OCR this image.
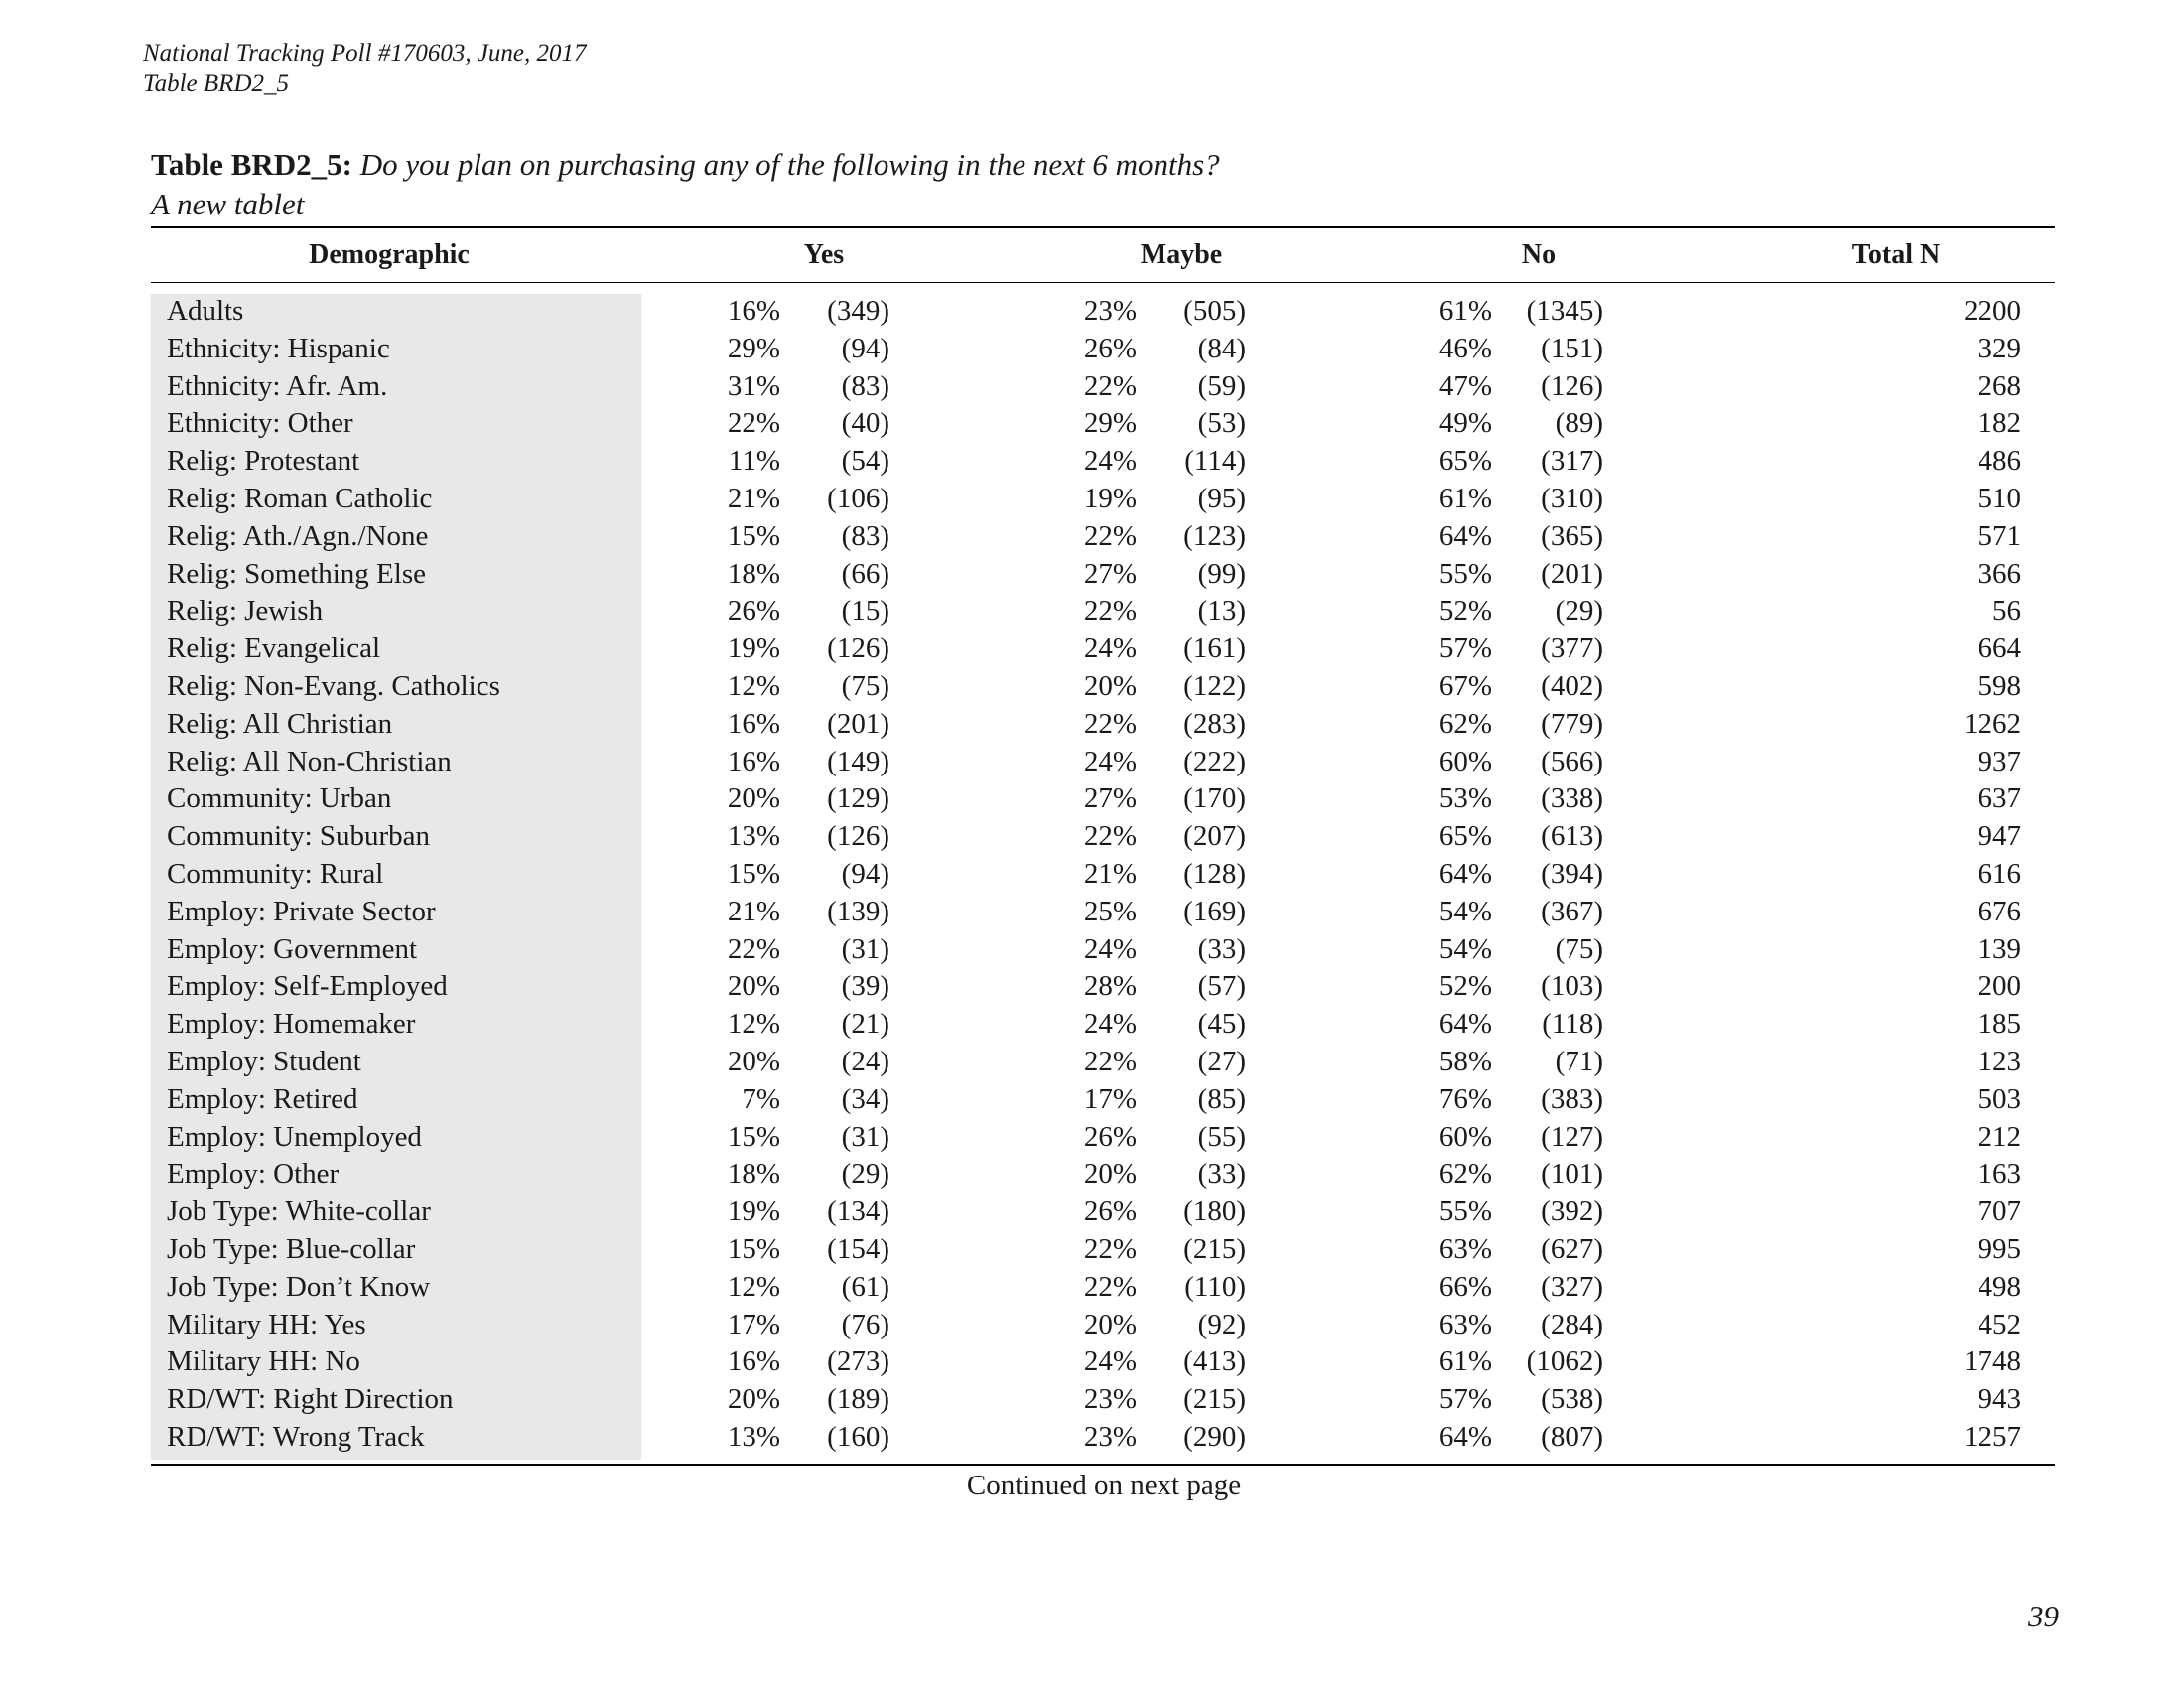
National Tracking Poll #170603, June, 2017
Table BRD2_5
Table BRD2_5: Do you plan on purchasing any of the following in the next 6 months?
A new tablet
Demographic	Yes	Maybe	No	Total N
Adults	16% (349)	23% (505)	61% (1345)	2200
Ethnicity: Hispanic	29% (94)	26% (84)	46% (151)	329
Ethnicity: Afr. Am.	31% (83)	22% (59)	47% (126)	268
Ethnicity: Other	22% (40)	29% (53)	49% (89)	182
Relig: Protestant	11% (54)	24% (114)	65% (317)	486
Relig: Roman Catholic	21% (106)	19% (95)	61% (310)	510
Relig: Ath./Agn./None	15% (83)	22% (123)	64% (365)	571
Relig: Something Else	18% (66)	27% (99)	55% (201)	366
Relig: Jewish	26% (15)	22% (13)	52% (29)	56
Relig: Evangelical	19% (126)	24% (161)	57% (377)	664
Relig: Non-Evang. Catholics	12% (75)	20% (122)	67% (402)	598
Relig: All Christian	16% (201)	22% (283)	62% (779)	1262
Relig: All Non-Christian	16% (149)	24% (222)	60% (566)	937
Community: Urban	20% (129)	27% (170)	53% (338)	637
Community: Suburban	13% (126)	22% (207)	65% (613)	947
Community: Rural	15% (94)	21% (128)	64% (394)	616
Employ: Private Sector	21% (139)	25% (169)	54% (367)	676
Employ: Government	22% (31)	24% (33)	54% (75)	139
Employ: Self-Employed	20% (39)	28% (57)	52% (103)	200
Employ: Homemaker	12% (21)	24% (45)	64% (118)	185
Employ: Student	20% (24)	22% (27)	58% (71)	123
Employ: Retired	7% (34)	17% (85)	76% (383)	503
Employ: Unemployed	15% (31)	26% (55)	60% (127)	212
Employ: Other	18% (29)	20% (33)	62% (101)	163
Job Type: White-collar	19% (134)	26% (180)	55% (392)	707
Job Type: Blue-collar	15% (154)	22% (215)	63% (627)	995
Job Type: Don’t Know	12% (61)	22% (110)	66% (327)	498
Military HH: Yes	17% (76)	20% (92)	63% (284)	452
Military HH: No	16% (273)	24% (413)	61% (1062)	1748
RD/WT: Right Direction	20% (189)	23% (215)	57% (538)	943
RD/WT: Wrong Track	13% (160)	23% (290)	64% (807)	1257
Continued on next page
39
